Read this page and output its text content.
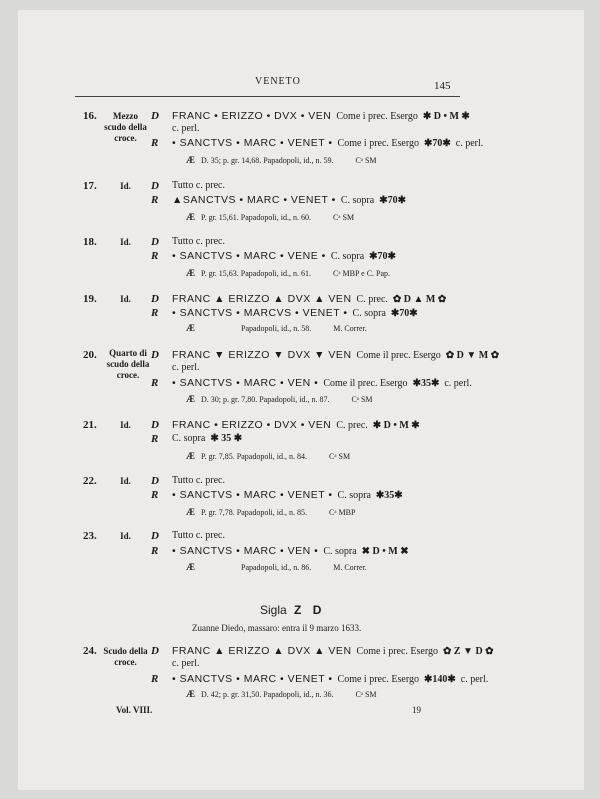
VENETO	145
16.	Mezzo scudo della croce.
D FRANC • ERIZZO • DVX • VEN Come i prec. Esergo ✱ D • M ✱
c. perl.
R • SANCTVS • MARC • VENET • Come i prec. Esergo ✱70✱ c. perl.
Æ D. 35; p. gr. 14,68. Papadopoli, id., n. 59.	Cᵃ SM
17.	Id.	D Tutto c. prec.
R ▲SANCTVS • MARC • VENET • C. sopra ✱70✱
Æ P. gr. 15,61. Papadopoli, id., n. 60.	Cᵃ SM
18.	Id.	D Tutto c. prec.
R • SANCTVS • MARC • VENE • C. sopra ✱70✱
Æ P. gr. 15,63. Papadopoli, id., n. 61.	Cᵃ MBP e C. Pap.
19.	Id.	D FRANC ▲ ERIZZO ▲ DVX ▲ VEN C. prec. ✿ D ▲ M ✿
R • SANCTVS • MARCVS • VENET • C. sopra ✱70✱
Æ	Papadopoli, id., n. 58.	M. Correr.
20.	Quarto di scudo della croce.
D FRANC ▼ ERIZZO ▼ DVX ▼ VEN Come il prec. Esergo ✿ D ▼ M ✿
c. perl.
R • SANCTVS • MARC • VEN • Come il prec. Esergo ✱35✱ c. perl.
Æ D. 30; p. gr. 7,80. Papadopoli, id., n. 87.	Cᵃ SM
21.	Id.	D FRANC • ERIZZO • DVX • VEN C. prec. ✱ D • M ✱
R C. sopra ✱ 35 ✱
Æ P. gr. 7,85. Papadopoli, id., n. 84.	Cᵃ SM
22.	Id.	D Tutto c. prec.
R • SANCTVS • MARC • VENET • C. sopra ✱35✱
Æ P. gr. 7,78. Papadopoli, id., n. 85.	Cᵃ MBP
23.	Id.	D Tutto c. prec.
R • SANCTVS • MARC • VEN • C. sopra ✖ D • M ✖
Æ	Papadopoli, id., n. 86.	M. Correr.
Sigla Z D
Zuanne Diedo, massaro: entra il 9 marzo 1633.
24. Scudo della croce.
D FRANC ▲ ERIZZO ▲ DVX ▲ VEN Come i prec. Esergo ✿ Z ▼ D ✿
c. perl.
R • SANCTVS • MARC • VENET • Come i prec. Esergo ✱140✱ c. perl.
Æ D. 42; p. gr. 31,50. Papadopoli, id., n. 36.	Cᵃ SM
Vol. VIII.	19
